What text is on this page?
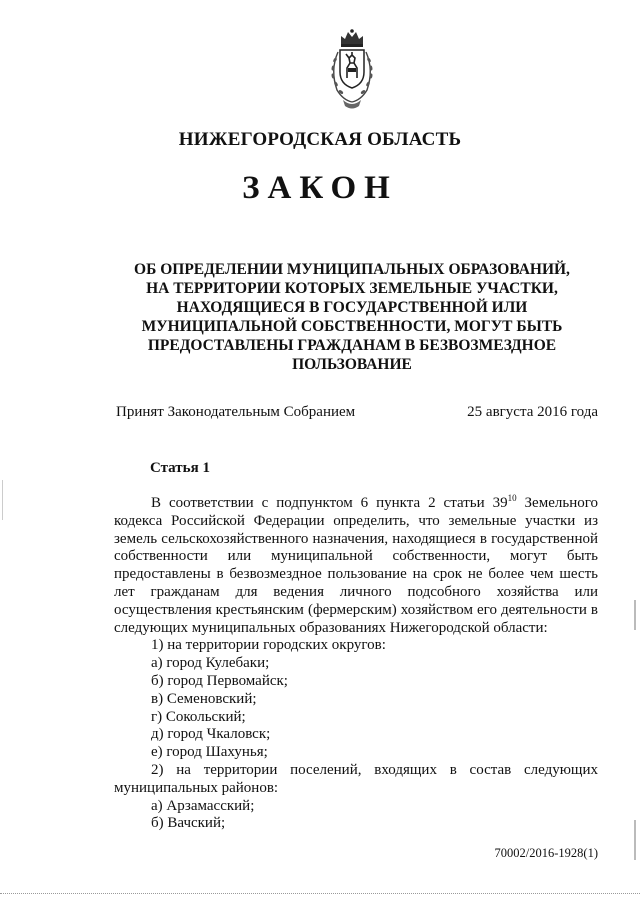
НИЖЕГОРОДСКАЯ ОБЛАСТЬ
ЗАКОН
ОБ ОПРЕДЕЛЕНИИ МУНИЦИПАЛЬНЫХ ОБРАЗОВАНИЙ,
НА ТЕРРИТОРИИ КОТОРЫХ ЗЕМЕЛЬНЫЕ УЧАСТКИ,
НАХОДЯЩИЕСЯ В ГОСУДАРСТВЕННОЙ ИЛИ
МУНИЦИПАЛЬНОЙ СОБСТВЕННОСТИ, МОГУТ БЫТЬ
ПРЕДОСТАВЛЕНЫ ГРАЖДАНАМ В БЕЗВОЗМЕЗДНОЕ
ПОЛЬЗОВАНИЕ
Принят Законодательным Собранием	25 августа 2016 года
Статья 1

В соответствии с подпунктом 6 пункта 2 статьи $39^{10}$ Земельного кодекса Российской Федерации определить, что земельные участки из земель сельскохозяйственного назначения, находящиеся в государственной собственности или муниципальной собственности, могут быть предоставлены в безвозмездное пользование на срок не более чем шесть лет гражданам для ведения личного подсобного хозяйства или осуществления крестьянским (фермерским) хозяйством его деятельности в следующих муниципальных образованиях Нижегородской области:

1) на территории городских округов:

а) город Кулебаки;

б) город Первомайск;

в) Семеновский;

г) Сокольский;

д) город Чкаловск;

е) город Шахунья;

2) на территории поселений, входящих в состав следующих муниципальных районов:

а) Арзамасский;

б) Вачский;

70002/2016-1928(1)
